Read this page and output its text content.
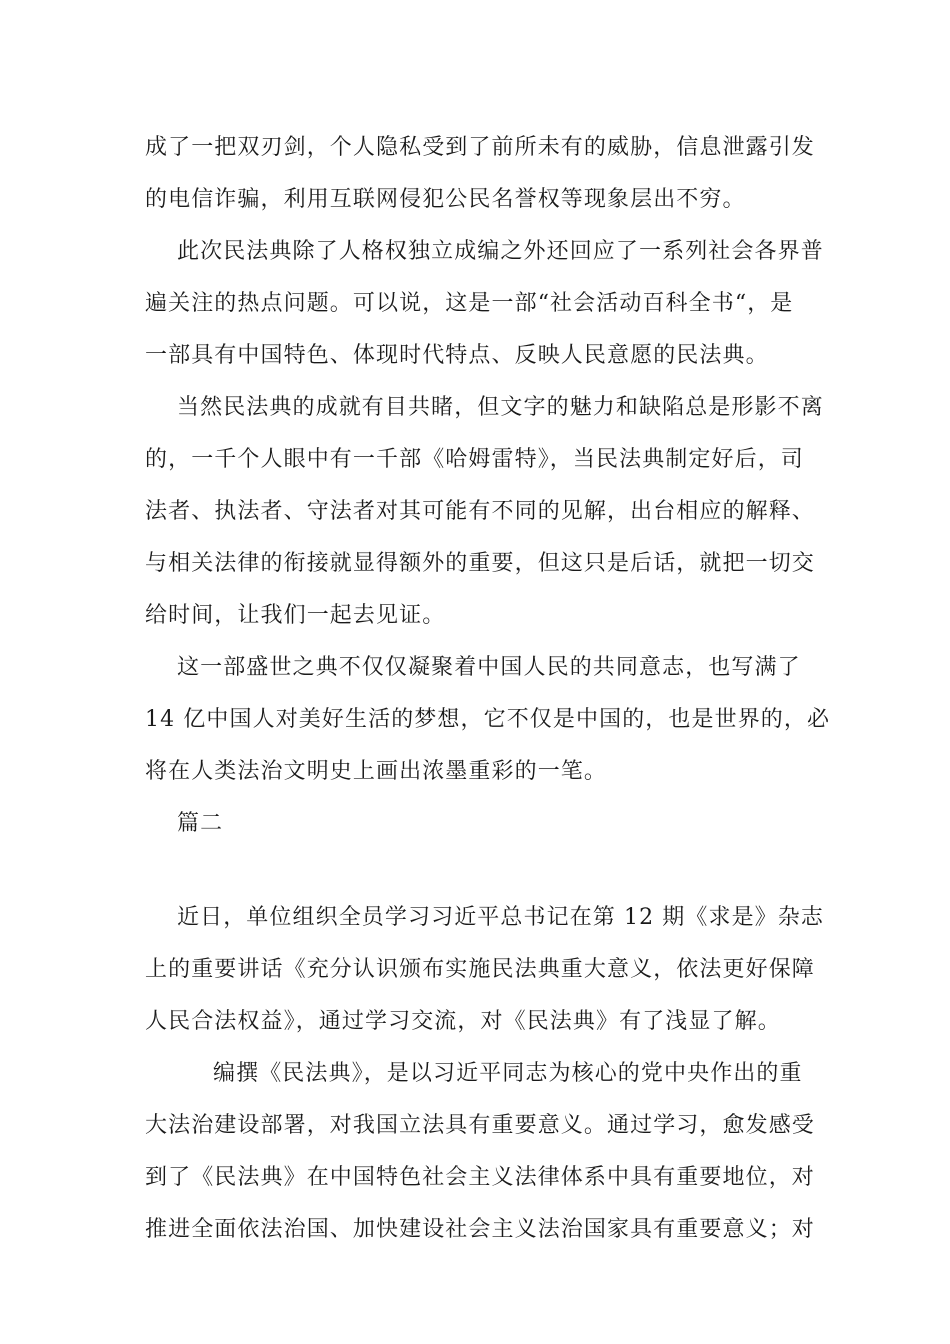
成了一把双刃剑，个人隐私受到了前所未有的威胁，信息泄露引发
的电信诈骗，利用互联网侵犯公民名誉权等现象层出不穷。
此次民法典除了人格权独立成编之外还回应了一系列社会各界普
遍关注的热点问题。可以说，这是一部“社会活动百科全书“，是
一部具有中国特色、体现时代特点、反映人民意愿的民法典。
当然民法典的成就有目共睹，但文字的魅力和缺陷总是形影不离
的，一千个人眼中有一千部《哈姆雷特》，当民法典制定好后，司
法者、执法者、守法者对其可能有不同的见解，出台相应的解释、
与相关法律的衔接就显得额外的重要，但这只是后话，就把一切交
给时间，让我们一起去见证。
这一部盛世之典不仅仅凝聚着中国人民的共同意志，也写满了
14 亿中国人对美好生活的梦想，它不仅是中国的，也是世界的，必
将在人类法治文明史上画出浓墨重彩的一笔。
篇二
近日，单位组织全员学习习近平总书记在第 12 期《求是》杂志
上的重要讲话《充分认识颁布实施民法典重大意义，依法更好保障
人民合法权益》，通过学习交流，对《民法典》有了浅显了解。
编撰《民法典》，是以习近平同志为核心的党中央作出的重
大法治建设部署，对我国立法具有重要意义。通过学习，愈发感受
到了《民法典》在中国特色社会主义法律体系中具有重要地位，对
推进全面依法治国、加快建设社会主义法治国家具有重要意义；对
